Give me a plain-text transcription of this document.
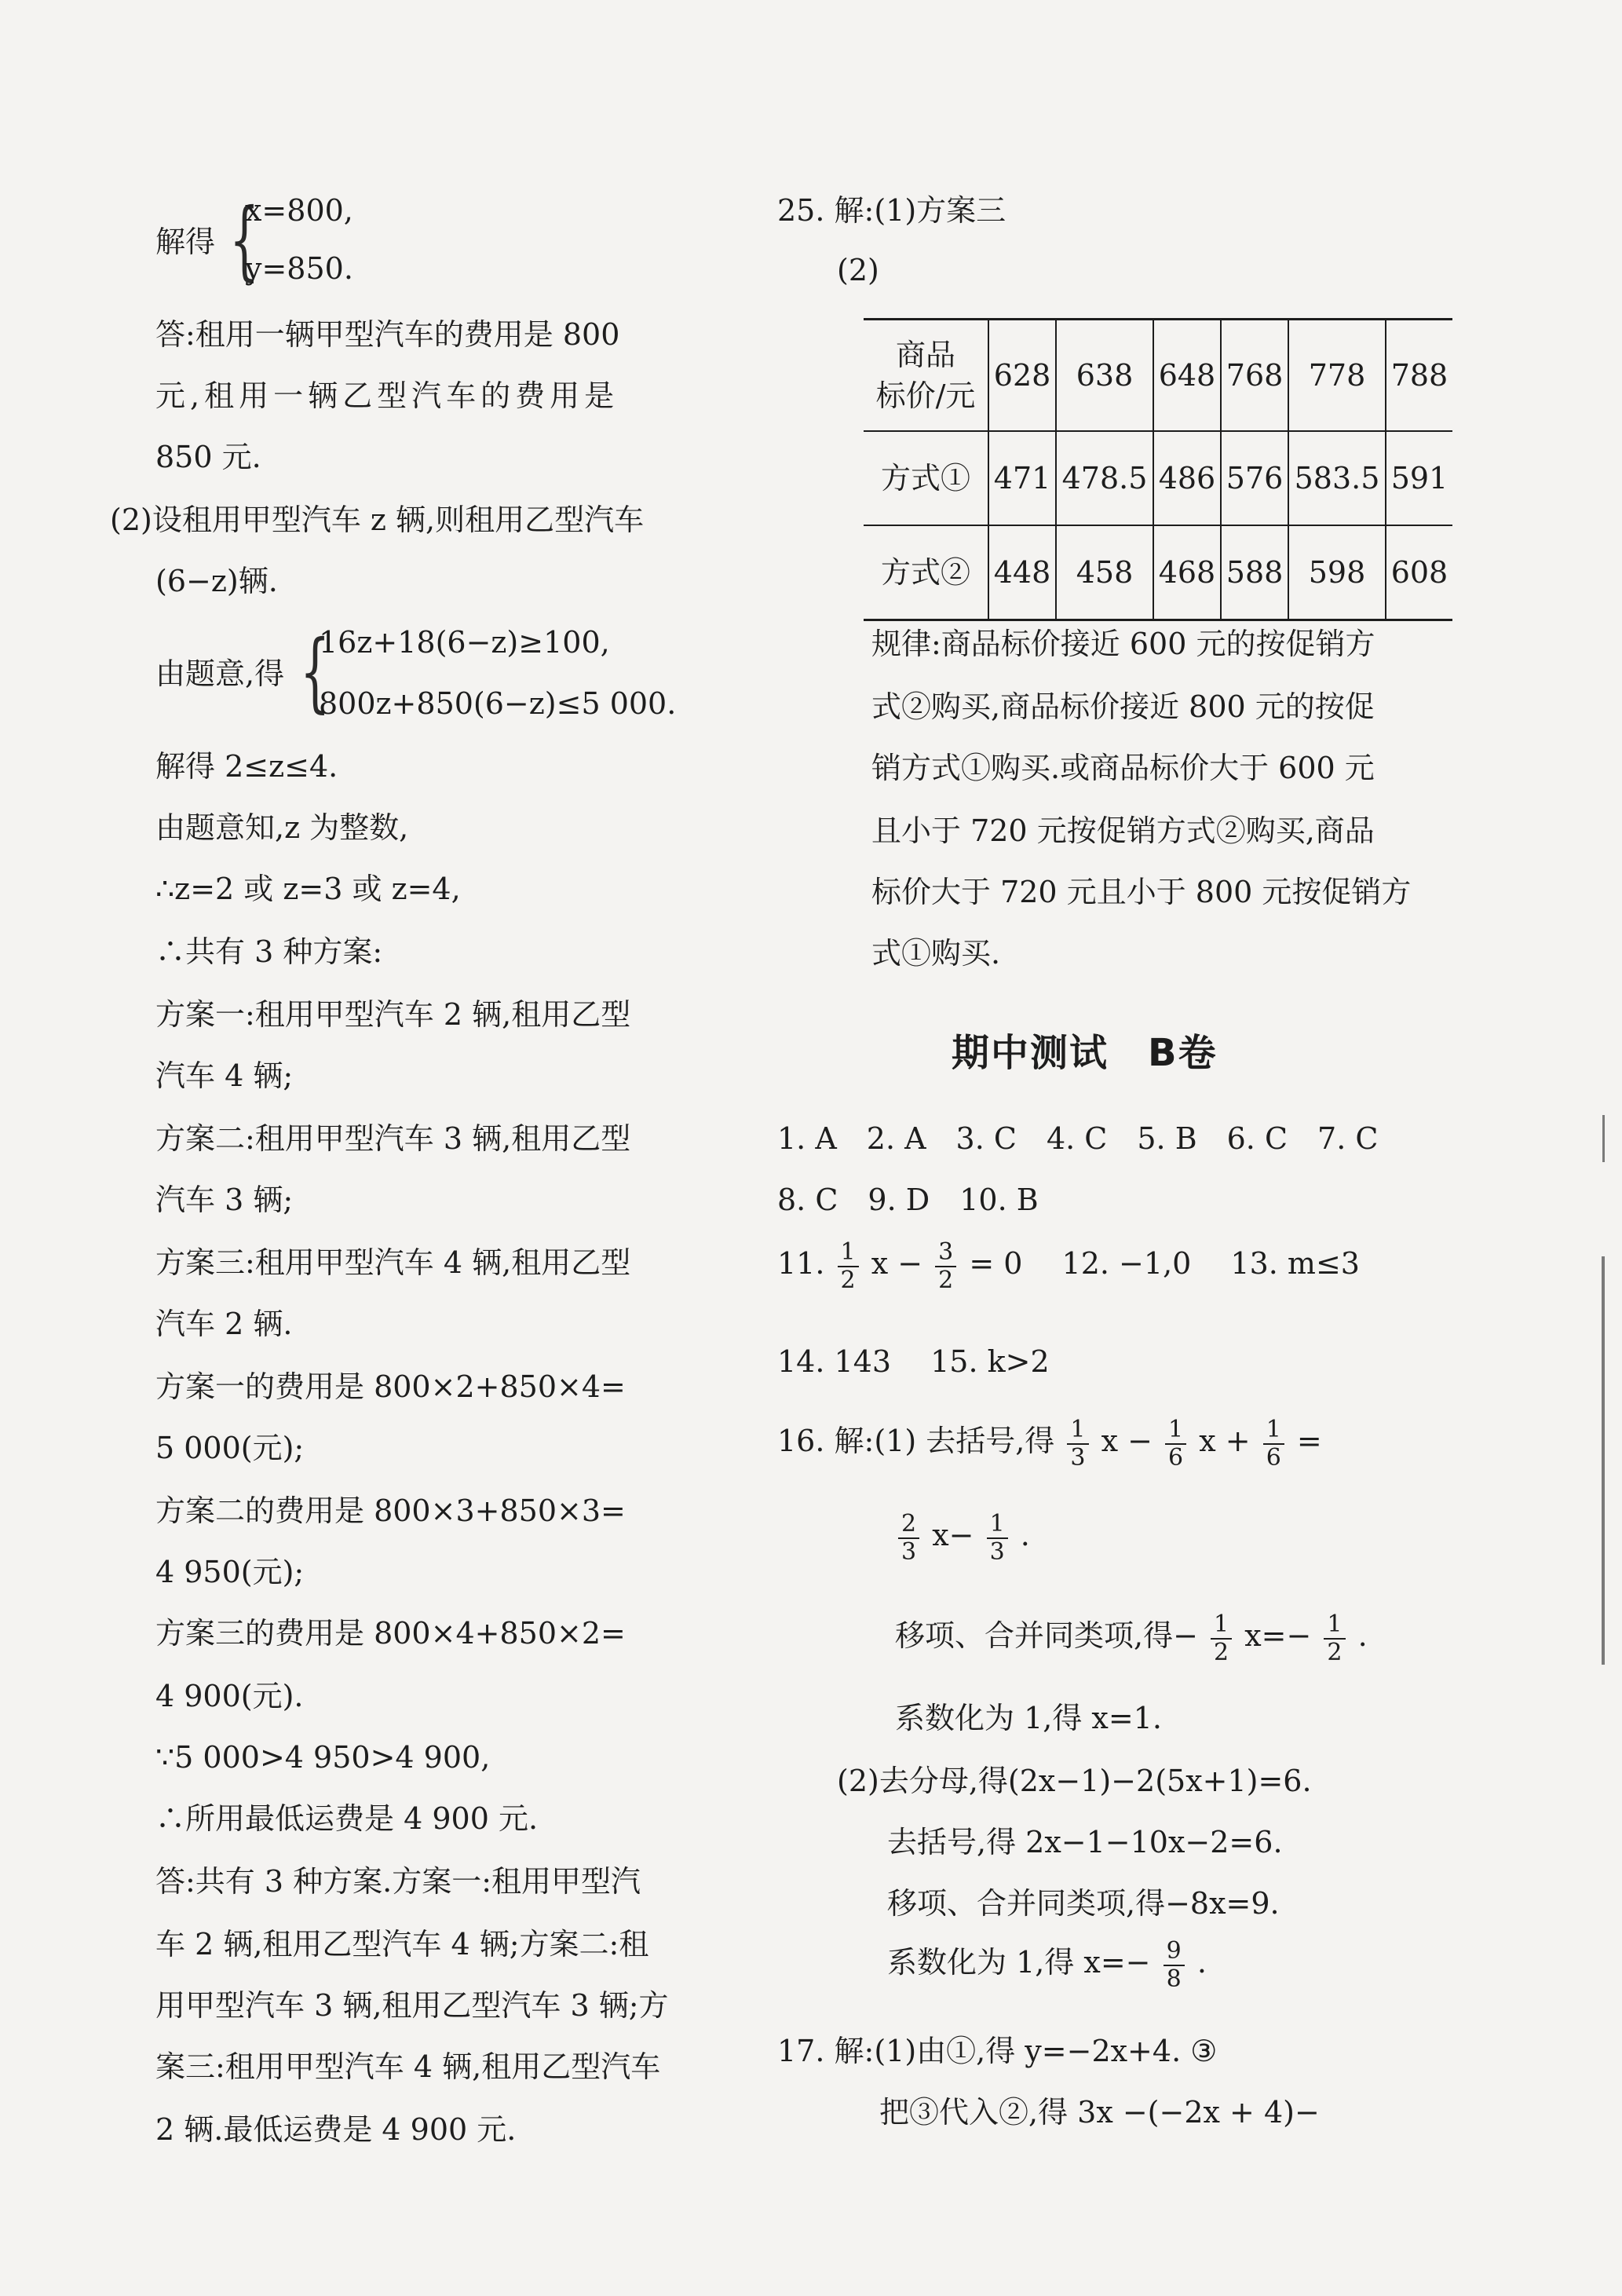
解得 {
x=800,
y=850.
答:租用一辆甲型汽车的费用是 800
元,租用一辆乙型汽车的费用是
850 元.
(2)设租用甲型汽车 z 辆,则租用乙型汽车
(6−z)辆.
由题意,得 {
16z+18(6−z)≥100,
800z+850(6−z)≤5 000.
解得 2≤z≤4.
由题意知,z 为整数,
∴z=2 或 z=3 或 z=4,
∴共有 3 种方案:
方案一:租用甲型汽车 2 辆,租用乙型
汽车 4 辆;
方案二:租用甲型汽车 3 辆,租用乙型
汽车 3 辆;
方案三:租用甲型汽车 4 辆,租用乙型
汽车 2 辆.
方案一的费用是 800×2+850×4=
5 000(元);
方案二的费用是 800×3+850×3=
4 950(元);
方案三的费用是 800×4+850×2=
4 900(元).
∵5 000>4 950>4 900,
∴所用最低运费是 4 900 元.
答:共有 3 种方案.方案一:租用甲型汽
车 2 辆,租用乙型汽车 4 辆;方案二:租
用甲型汽车 3 辆,租用乙型汽车 3 辆;方
案三:租用甲型汽车 4 辆,租用乙型汽车
2 辆.最低运费是 4 900 元.
25. 解:(1)方案三
(2)
商品
标价/元	628	638	648	768	778	788
方式①	471	478.5	486	576	583.5	591
方式②	448	458	468	588	598	608
规律:商品标价接近 600 元的按促销方
式②购买,商品标价接近 800 元的按促
销方式①购买.或商品标价大于 600 元
且小于 720 元按促销方式②购买,商品
标价大于 720 元且小于 800 元按促销方
式①购买.
期中测试　B卷
1. A　2. A　3. C　4. C　5. B　6. C　7. C
8. C　9. D　10. B
11. $\frac{1}{2}$ $x - \frac{3}{2} = 0$　 12. −1,0　 13. m≤3
14. 143　 15. k>2
16. 解:(1) 去括号,得 $\frac{1}{3}$ $x - \frac{1}{6}$ $x + \frac{1}{6}$ =
$\frac{2}{3} x- \frac{1}{3}$ .
移项、合并同类项,得− $\frac{1}{2} x=- \frac{1}{2}$ .
系数化为 1,得 x=1.
(2)去分母,得(2x−1)−2(5x+1)=6.
去括号,得 2x−1−10x−2=6.
移项、合并同类项,得−8x=9.
系数化为 1,得 $x=- \frac{9}{8}$ .
17. 解:(1)由①,得 y=−2x+4. ③
把③代入②,得 3x −(−2x + 4)−
